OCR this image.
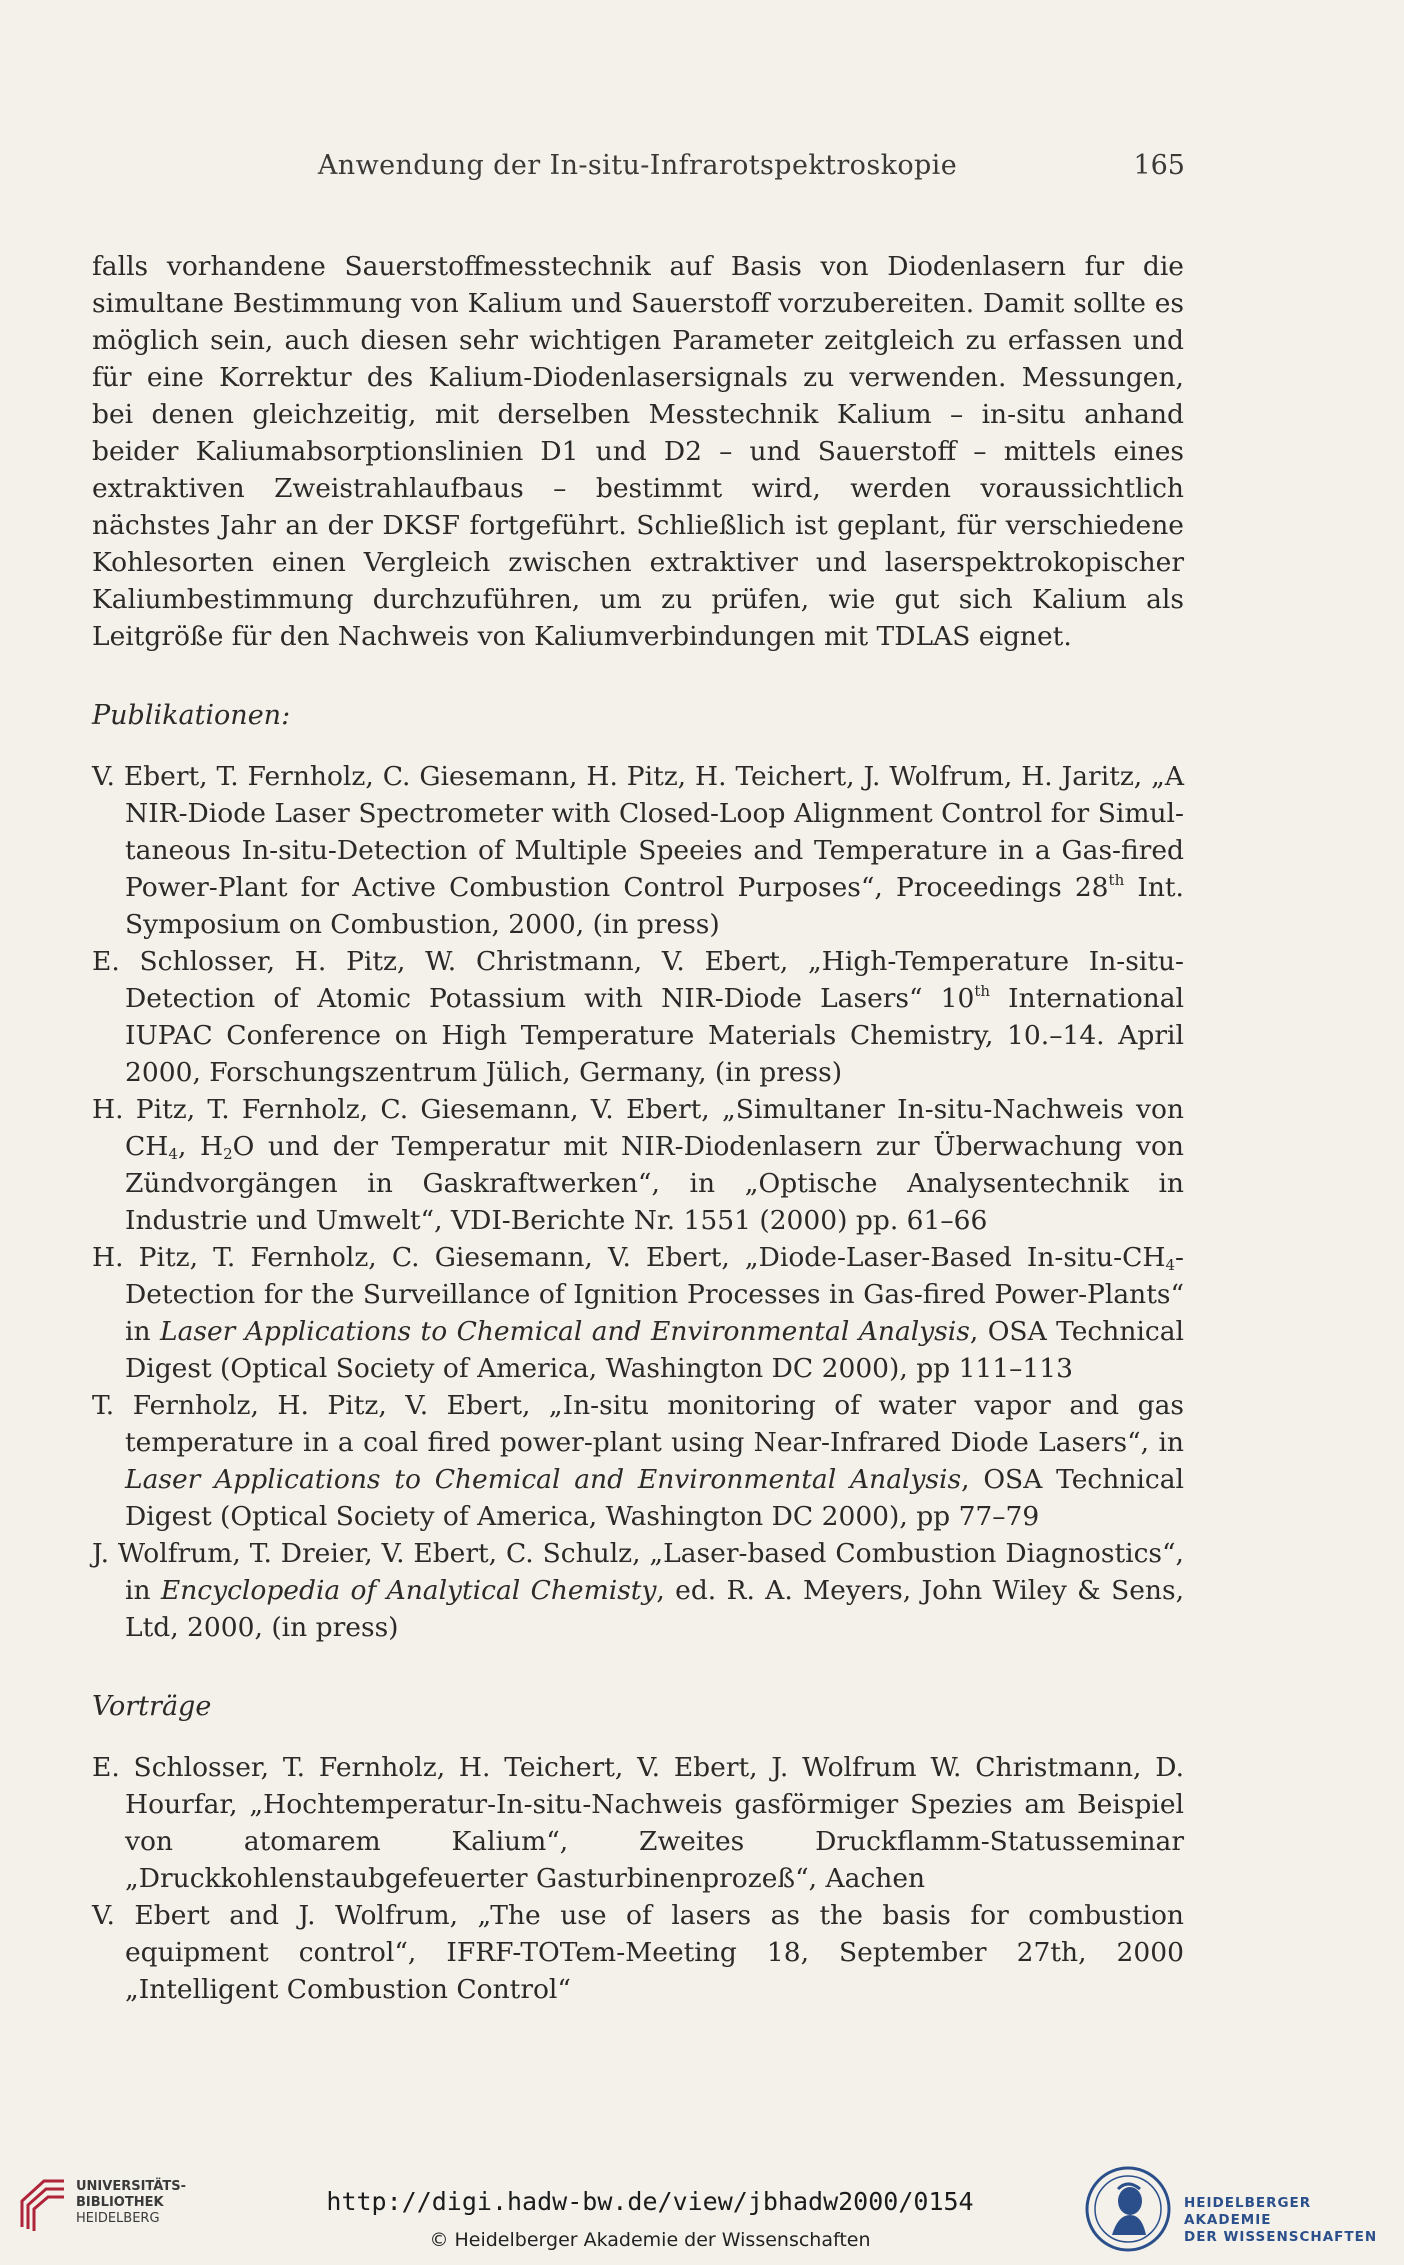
Anwendung der In-situ-Infrarotspektroskopie	165

falls vorhandene Sauerstoffmesstechnik auf Basis von Diodenlasern fur die simultane Bestimmung von Kalium und Sauerstoff vorzubereiten. Damit sollte es möglich sein, auch diesen sehr wichtigen Parameter zeitgleich zu erfassen und für eine Korrektur des Kalium-Diodenlasersignals zu verwenden. Messungen, bei denen gleichzeitig, mit derselben Messtechnik Kalium – in-situ anhand beider Kaliumabsorptionslinien D1 und D2 – und Sauerstoff – mittels eines extraktiven Zweistrahlaufbaus – bestimmt wird, werden voraussichtlich nächstes Jahr an der DKSF fortgeführt. Schließlich ist geplant, für verschiedene Kohlesorten einen Vergleich zwischen extraktiver und laserspektrokopischer Kaliumbestimmung durchzuführen, um zu prüfen, wie gut sich Kalium als Leitgröße für den Nachweis von Kaliumverbindungen mit TDLAS eignet.

Publikationen:
V. Ebert, T. Fernholz, C. Giesemann, H. Pitz, H. Teichert, J. Wolfrum, H. Jaritz, „A NIR-Diode Laser Spectrometer with Closed-Loop Alignment Control for Simultaneous In-situ-Detection of Multiple Speeies and Temperature in a Gas-fired Power-Plant for Active Combustion Control Purposes“, Proceedings 28th Int. Symposium on Combustion, 2000, (in press)
E. Schlosser, H. Pitz, W. Christmann, V. Ebert, „High-Temperature In-situ-Detection of Atomic Potassium with NIR-Diode Lasers“ 10th International IUPAC Conference on High Temperature Materials Chemistry, 10.–14. April 2000, Forschungszentrum Jülich, Germany, (in press)
H. Pitz, T. Fernholz, C. Giesemann, V. Ebert, „Simultaner In-situ-Nachweis von $CH_4$, $H_2O$ und der Temperatur mit NIR-Diodenlasern zur Überwachung von Zündvorgängen in Gaskraftwerken“, in „Optische Analysentechnik in Industrie und Umwelt“, VDI-Berichte Nr. 1551 (2000) pp. 61–66
H. Pitz, T. Fernholz, C. Giesemann, V. Ebert, „Diode-Laser-Based $In-situ-CH_4$-Detection for the Surveillance of Ignition Processes in Gas-fired Power-Plants“ in Laser Applications to Chemical and Environmental Analysis, OSA Technical Digest (Optical Society of America, Washington DC 2000), pp 111–113
T. Fernholz, H. Pitz, V. Ebert, „In-situ monitoring of water vapor and gas temperature in a coal fired power-plant using Near-Infrared Diode Lasers“, in Laser Applications to Chemical and Environmental Analysis, OSA Technical Digest (Optical Society of America, Washington DC 2000), pp 77–79
J. Wolfrum, T. Dreier, V. Ebert, C. Schulz, „Laser-based Combustion Diagnostics“, in Encyclopedia of Analytical Chemisty, ed. R. A. Meyers, John Wiley & Sens, Ltd, 2000, (in press)
Vorträge
E. Schlosser, T. Fernholz, H. Teichert, V. Ebert, J. Wolfrum W. Christmann, D. Hourfar, „Hochtemperatur-In-situ-Nachweis gasförmiger Spezies am Beispiel von atomarem Kalium“, Zweites Druckflamm-Statusseminar „Druckkohlenstaubgefeuerter Gasturbinenprozeß“, Aachen
V. Ebert and J. Wolfrum, „The use of lasers as the basis for combustion equipment control“, IFRF-TOTem-Meeting 18, September 27th, 2000 „Intelligent Combustion Control“
UNIVERSITÄTS-
BIBLIOTHEK
HEIDELBERG
http://digi.hadw-bw.de/view/jbhadw2000/0154
© Heidelberger Akademie der Wissenschaften
HEIDELBERGER AKADEMIE
DER WISSENSCHAFTEN
